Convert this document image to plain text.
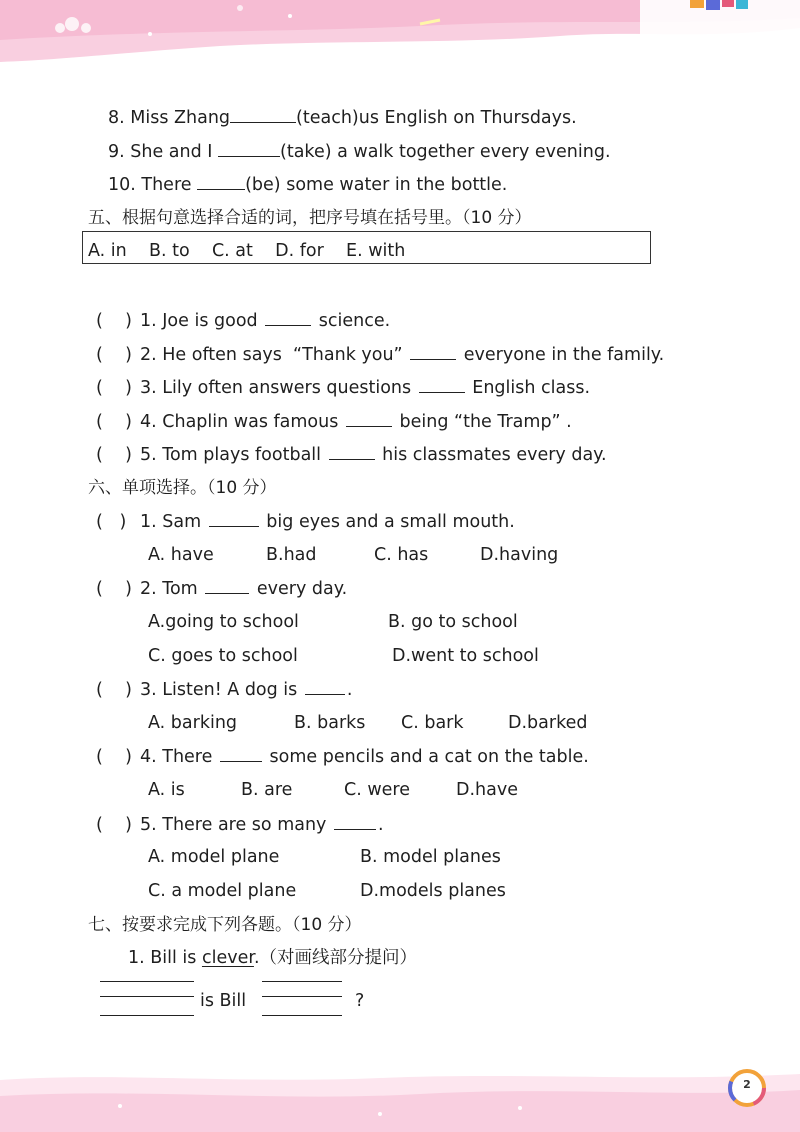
8. Miss Zhang	(teach)us English on Thursdays.
9. She and I	(take) a walk together every evening.
10. There	(be) some water in the bottle.
五、根据句意选择合适的词，把序号填在括号里。（10 分）
A. in    B. to    C. at    D. for    E. with
(    ) 1. Joe is good	science.
(    ) 2. He often says  “Thank you”	everyone in the family.
(    ) 3. Lily often answers questions	English class.
(    ) 4. Chaplin was famous	being “the Tramp” .
(    ) 5. Tom plays football	his classmates every day.
六、单项选择。（10 分）
(   ) 1. Sam	big eyes and a small mouth.
A. have	B.had	C. has	D.having
(    ) 2. Tom	every day.
A.going to school	B. go to school
C. goes to school	D.went to school
(    ) 3. Listen! A dog is	.
A. barking	B. barks C. bark	D.barked
(    ) 4. There	some pencils and a cat on the table.
A. is	B. are	C. were	D.have
(    ) 5. There are so many	.
A. model plane	B. model planes
C. a model plane	D.models planes
七、按要求完成下列各题。（10 分）
1. Bill is clever.（对画线部分提问）
is Bill	?
2
